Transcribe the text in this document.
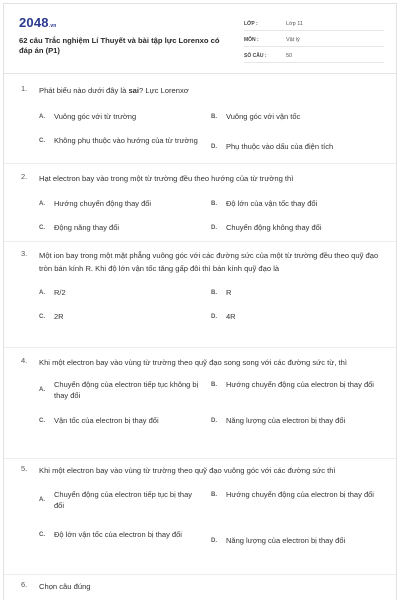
2048.vn
62 câu Trắc nghiệm Lí Thuyết và bài tập lực Lorenxo có đáp án (P1)
LỚP :	Lớp 11
MÔN :	Vật lý
SỐ CÂU :	50
1. Phát biểu nào dưới đây là sai? Lực Lorenxơ
A.	Vuông góc với từ trường	B.	Vuông góc với vận tốc
C.	Không phụ thuộc vào hướng của từ trường
D.	Phụ thuộc vào dấu của điện tích
2. Hạt electron bay vào trong một từ trường đều theo hướng của từ trường thì
A.	Hướng chuyển động thay đổi	B.	Độ lớn của vận tốc thay đổi
C.	Động năng thay đổi	D.	Chuyển động không thay đổi
3. Một ion bay trong một mặt phẳng vuông góc với các đường sức của một từ trường đều theo quỹ đạo tròn bán kính R. Khi độ lớn vận tốc tăng gấp đôi thì bán kính quỹ đạo là
A.	R/2	B.	R
C.	2R	D.	4R
4. Khi một electron bay vào vùng từ trường theo quỹ đạo song song với các đường sức từ, thì
A.
Chuyển động của electron tiếp tục không bị thay đổi
B.	Hướng chuyển động của electron bị thay đổi
C.	Vận tốc của electron bị thay đổi	D.	Năng lượng của electron bị thay đổi
5. Khi một electron bay vào vùng từ trường theo quỹ đạo vuông góc với các đường sức thì
A.
Chuyển động của electron tiếp tục bị thay đổi
B.	Hướng chuyển động của electron bị thay đổi
C.	Độ lớn vận tốc của electron bị thay đổi
D.	Năng lượng của electron bị thay đổi
6. Chọn câu đúng
